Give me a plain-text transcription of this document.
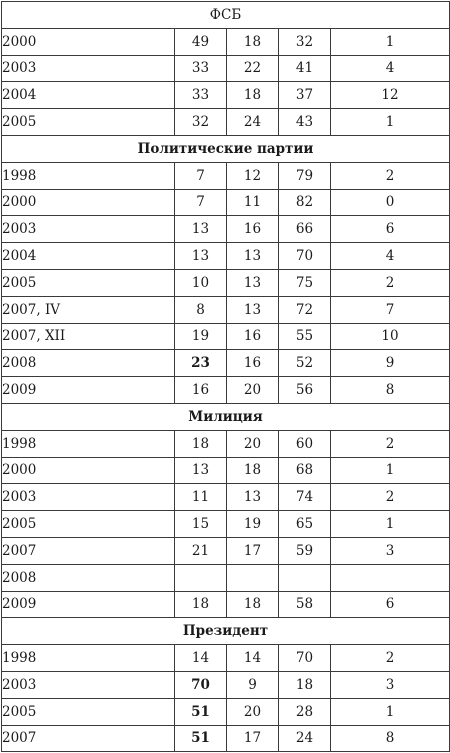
ФСБ				
2000	49	18	32	1
2003	33	22	41	4
2004	33	18	37	12
2005	32	24	43	1
Политические партии				
1998	7	12	79	2
2000	7	11	82	0
2003	13	16	66	6
2004	13	13	70	4
2005	10	13	75	2
2007, IV	8	13	72	7
2007, XII	19	16	55	10
2008	23	16	52	9
2009	16	20	56	8
Милиция				
1998	18	20	60	2
2000	13	18	68	1
2003	11	13	74	2
2005	15	19	65	1
2007	21	17	59	3
2008				
2009	18	18	58	6
Президент				
1998	14	14	70	2
2003	70	9	18	3
2005	51	20	28	1
2007	51	17	24	8
